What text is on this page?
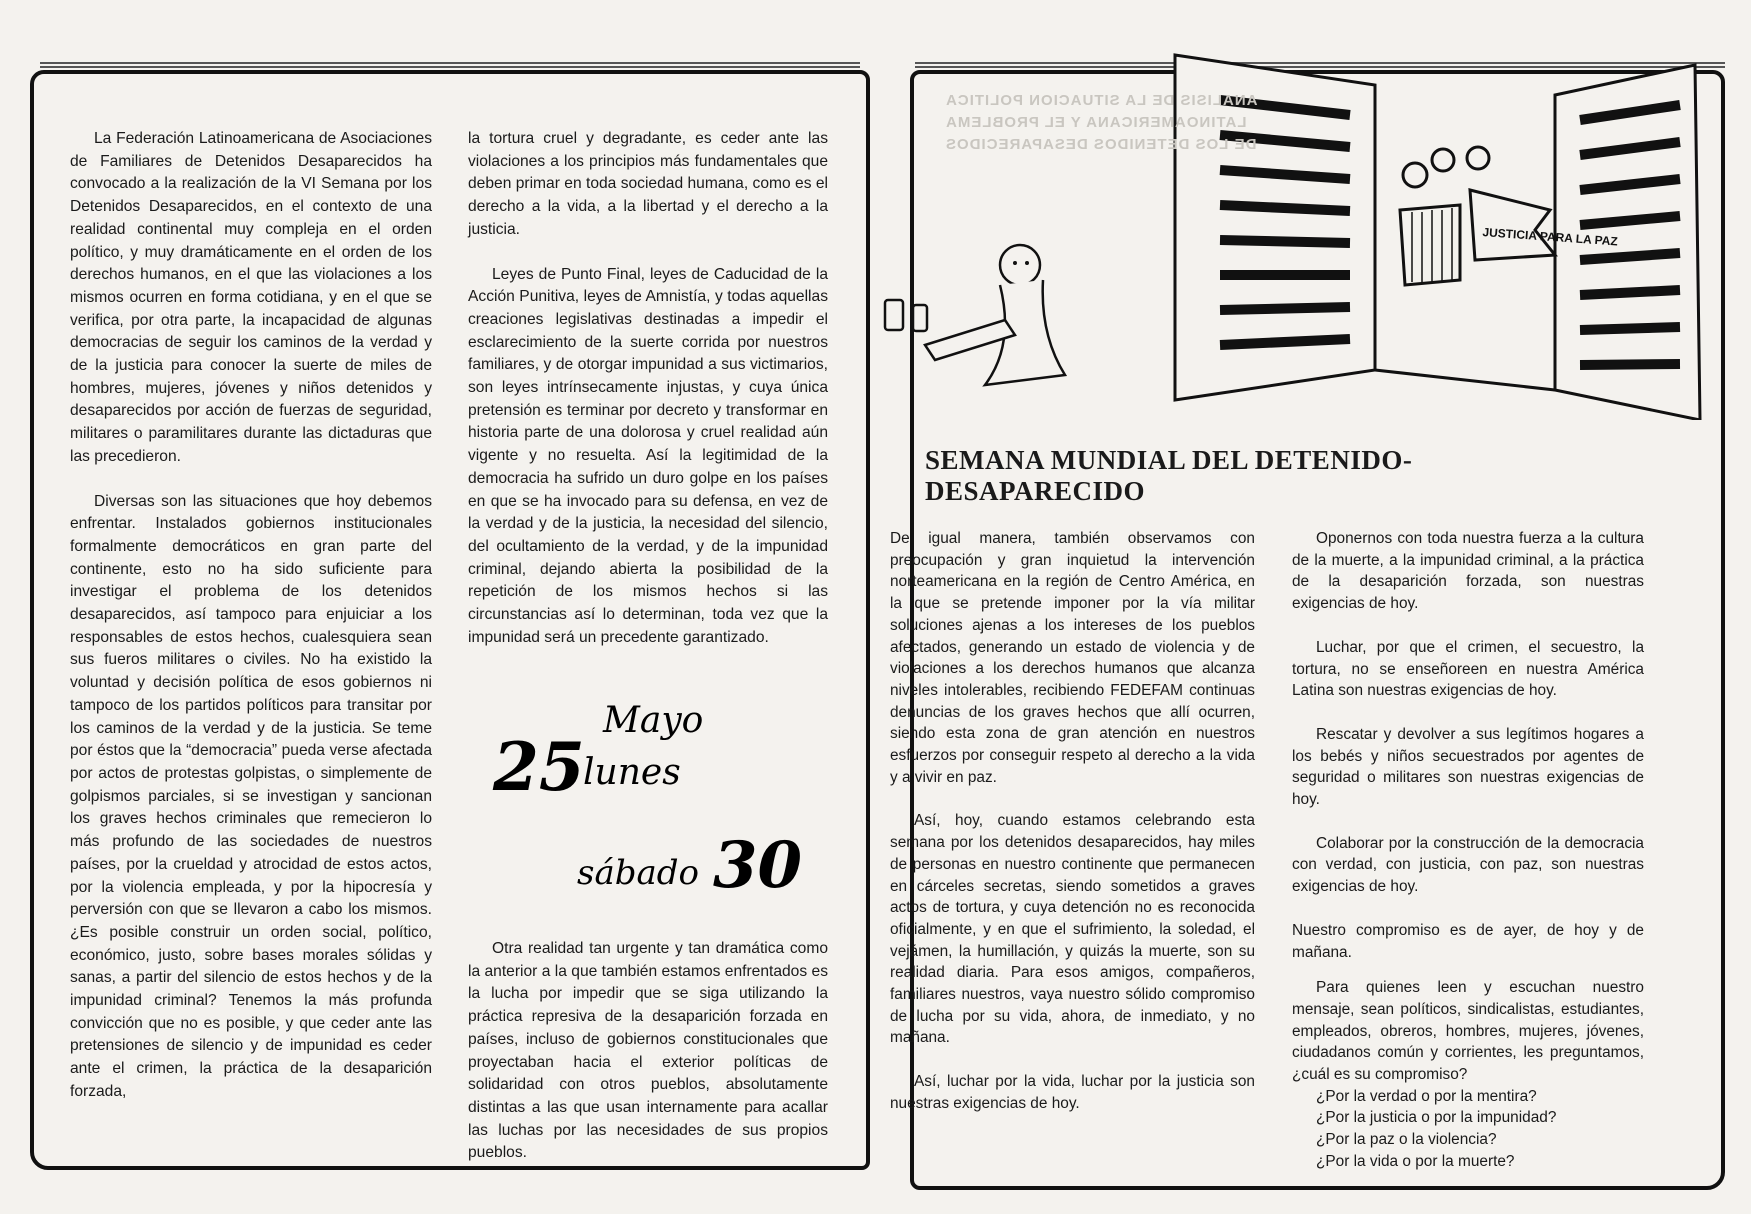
La Federación Latinoamericana de Asociaciones de Familiares de Detenidos Desaparecidos ha convocado a la realización de la VI Semana por los Detenidos Desaparecidos, en el contexto de una realidad continental muy compleja en el orden político, y muy dramáticamente en el orden de los derechos humanos, en el que las violaciones a los mismos ocurren en forma cotidiana, y en el que se verifica, por otra parte, la incapacidad de algunas democracias de seguir los caminos de la verdad y de la justicia para conocer la suerte de miles de hombres, mujeres, jóvenes y niños detenidos y desaparecidos por acción de fuerzas de seguridad, militares o paramilitares durante las dictaduras que las precedieron.

Diversas son las situaciones que hoy debemos enfrentar. Instalados gobiernos institucionales formalmente democráticos en gran parte del continente, esto no ha sido suficiente para investigar el problema de los detenidos desaparecidos, así tampoco para enjuiciar a los responsables de estos hechos, cualesquiera sean sus fueros militares o civiles. No ha existido la voluntad y decisión política de esos gobiernos ni tampoco de los partidos políticos para transitar por los caminos de la verdad y de la justicia. Se teme por éstos que la “democracia” pueda verse afectada por actos de protestas golpistas, o simplemente de golpismos parciales, si se investigan y sancionan los graves hechos criminales que remecieron lo más profundo de las sociedades de nuestros países, por la crueldad y atrocidad de estos actos, por la violencia empleada, y por la hipocresía y perversión con que se llevaron a cabo los mismos. ¿Es posible construir un orden social, político, económico, justo, sobre bases morales sólidas y sanas, a partir del silencio de estos hechos y de la impunidad criminal? Tenemos la más profunda convicción que no es posible, y que ceder ante las pretensiones de silencio y de impunidad es ceder ante el crimen, la práctica de la desaparición forzada,

la tortura cruel y degradante, es ceder ante las violaciones a los principios más fundamentales que deben primar en toda sociedad humana, como es el derecho a la vida, a la libertad y el derecho a la justicia.

Leyes de Punto Final, leyes de Caducidad de la Acción Punitiva, leyes de Amnistía, y todas aquellas creaciones legislativas destinadas a impedir el esclarecimiento de la suerte corrida por nuestros familiares, y de otorgar impunidad a sus victimarios, son leyes intrínsecamente injustas, y cuya única pretensión es terminar por decreto y transformar en historia parte de una dolorosa y cruel realidad aún vigente y no resuelta. Así la legitimidad de la democracia ha sufrido un duro golpe en los países en que se ha invocado para su defensa, en vez de la verdad y de la justicia, la necesidad del silencio, del ocultamiento de la verdad, y de la impunidad criminal, dejando abierta la posibilidad de la repetición de los mismos hechos si las circunstancias así lo determinan, toda vez que la impunidad será un precedente garantizado.

25
Mayo
lunes
sábado 30

Otra realidad tan urgente y tan dramática como la anterior a la que también estamos enfrentados es la lucha por impedir que se siga utilizando la práctica represiva de la desaparición forzada en países, incluso de gobiernos constitucionales que proyectaban hacia el exterior políticas de solidaridad con otros pueblos, absolutamente distintas a las que usan internamente para acallar las luchas por las necesidades de sus propios pueblos.

JUSTICIA PARA LA PAZ
ANALISIS DE LA SITUACION POLITICA
LATINOAMERICANA Y EL PROBLEMA
DE LOS DETENIDOS DESAPARECIDOS
SEMANA MUNDIAL DEL DETENIDO-DESAPARECIDO

De igual manera, también observamos con preocupación y gran inquietud la intervención norteamericana en la región de Centro América, en la que se pretende imponer por la vía militar soluciones ajenas a los intereses de los pueblos afectados, generando un estado de violencia y de violaciones a los derechos humanos que alcanza niveles intolerables, recibiendo FEDEFAM continuas denuncias de los graves hechos que allí ocurren, siendo esta zona de gran atención en nuestros esfuerzos por conseguir respeto al derecho a la vida y a vivir en paz.

Así, hoy, cuando estamos celebrando esta semana por los detenidos desaparecidos, hay miles de personas en nuestro continente que permanecen en cárceles secretas, siendo sometidos a graves actos de tortura, y cuya detención no es reconocida oficialmente, y en que el sufrimiento, la soledad, el vejámen, la humillación, y quizás la muerte, son su realidad diaria. Para esos amigos, compañeros, familiares nuestros, vaya nuestro sólido compromiso de lucha por su vida, ahora, de inmediato, y no mañana.

Así, luchar por la vida, luchar por la justicia son nuestras exigencias de hoy.

Oponernos con toda nuestra fuerza a la cultura de la muerte, a la impunidad criminal, a la práctica de la desaparición forzada, son nuestras exigencias de hoy.

Luchar, por que el crimen, el secuestro, la tortura, no se enseñoreen en nuestra América Latina son nuestras exigencias de hoy.

Rescatar y devolver a sus legítimos hogares a los bebés y niños secuestrados por agentes de seguridad o militares son nuestras exigencias de hoy.

Colaborar por la construcción de la democracia con verdad, con justicia, con paz, son nuestras exigencias de hoy.

Nuestro compromiso es de ayer, de hoy y de mañana.

Para quienes leen y escuchan nuestro mensaje, sean políticos, sindicalistas, estudiantes, empleados, obreros, hombres, mujeres, jóvenes, ciudadanos común y corrientes, les preguntamos, ¿cuál es su compromiso?

¿Por la verdad o por la mentira?
¿Por la justicia o por la impunidad?
¿Por la paz o la violencia?
¿Por la vida o por la muerte?
